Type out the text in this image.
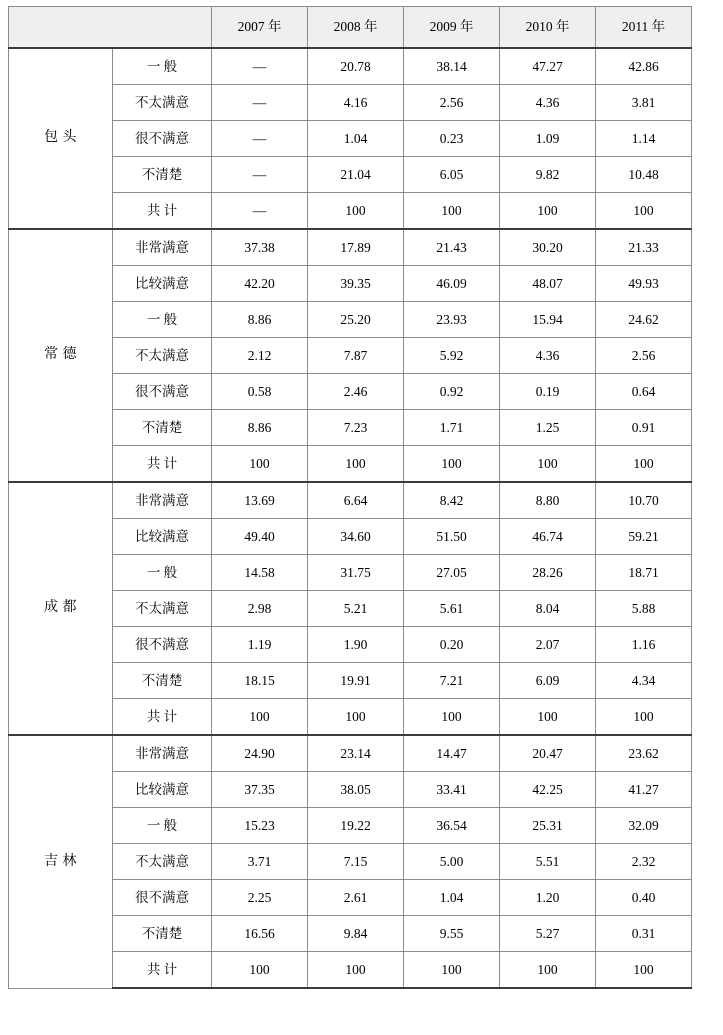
		2007 年	2008 年	2009 年	2010 年	2011 年
包 头	一 般	—	20.78	38.14	47.27	42.86
	不太满意	—	4.16	2.56	4.36	3.81
	很不满意	—	1.04	0.23	1.09	1.14
	不清楚	—	21.04	6.05	9.82	10.48
	共 计	—	100	100	100	100
常 德	非常满意	37.38	17.89	21.43	30.20	21.33
	比较满意	42.20	39.35	46.09	48.07	49.93
	一 般	8.86	25.20	23.93	15.94	24.62
	不太满意	2.12	7.87	5.92	4.36	2.56
	很不满意	0.58	2.46	0.92	0.19	0.64
	不清楚	8.86	7.23	1.71	1.25	0.91
	共 计	100	100	100	100	100
成 都	非常满意	13.69	6.64	8.42	8.80	10.70
	比较满意	49.40	34.60	51.50	46.74	59.21
	一 般	14.58	31.75	27.05	28.26	18.71
	不太满意	2.98	5.21	5.61	8.04	5.88
	很不满意	1.19	1.90	0.20	2.07	1.16
	不清楚	18.15	19.91	7.21	6.09	4.34
	共 计	100	100	100	100	100
吉 林	非常满意	24.90	23.14	14.47	20.47	23.62
	比较满意	37.35	38.05	33.41	42.25	41.27
	一 般	15.23	19.22	36.54	25.31	32.09
	不太满意	3.71	7.15	5.00	5.51	2.32
	很不满意	2.25	2.61	1.04	1.20	0.40
	不清楚	16.56	9.84	9.55	5.27	0.31
	共 计	100	100	100	100	100
